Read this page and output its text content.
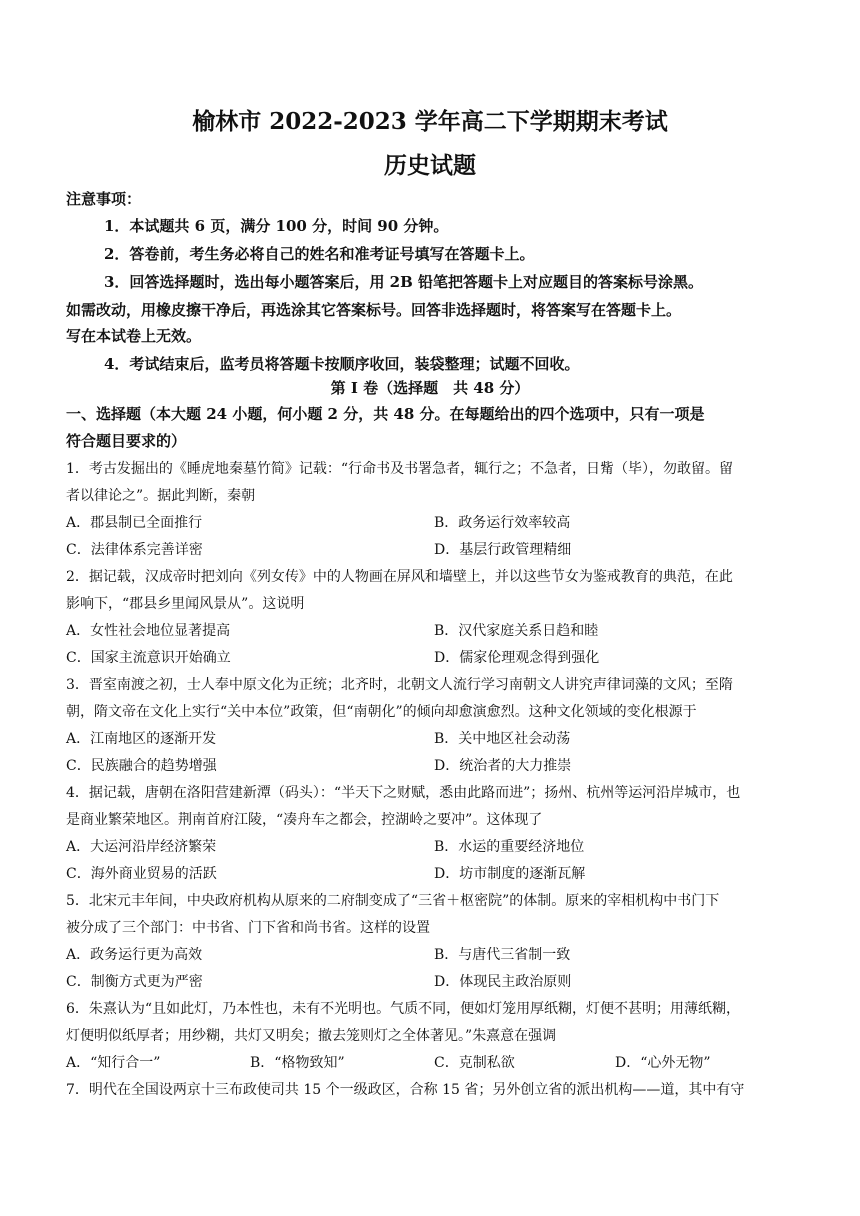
榆林市 2022-2023 学年高二下学期期末考试
历史试题
注意事项：
1．本试题共 6 页，满分 100 分，时间 90 分钟。
2．答卷前，考生务必将自己的姓名和准考证号填写在答题卡上。
3．回答选择题时，选出每小题答案后，用 2B 铅笔把答题卡上对应题目的答案标号涂黑。
如需改动，用橡皮擦干净后，再选涂其它答案标号。回答非选择题时，将答案写在答题卡上。
写在本试卷上无效。
4．考试结束后，监考员将答题卡按顺序收回，装袋整理；试题不回收。
第 I 卷（选择题　共 48 分）
一、选择题（本大题 24 小题，何小题 2 分，共 48 分。在每题给出的四个选项中，只有一项是
符合题目要求的）
1．考古发掘出的《睡虎地秦墓竹简》记载：“行命书及书署急者，辄行之；不急者，日觜（毕），勿敢留。留
者以律论之”。据此判断，秦朝
A．郡县制已全面推行	B．政务运行效率较高
C．法律体系完善详密	D．基层行政管理精细
2．据记载，汉成帝时把刘向《列女传》中的人物画在屏风和墙壁上，并以这些节女为鉴戒教育的典范，在此
影响下，“郡县乡里闻风景从”。这说明
A．女性社会地位显著提高	B．汉代家庭关系日趋和睦
C．国家主流意识开始确立	D．儒家伦理观念得到强化
3．晋室南渡之初，士人奉中原文化为正统；北齐时，北朝文人流行学习南朝文人讲究声律词藻的文风；至隋
朝，隋文帝在文化上实行“关中本位”政策，但“南朝化”的倾向却愈演愈烈。这种文化领域的变化根源于
A．江南地区的逐渐开发	B．关中地区社会动荡
C．民族融合的趋势增强	D．统治者的大力推崇
4．据记载，唐朝在洛阳营建新潭（码头）：“半天下之财赋，悉由此路而进”；扬州、杭州等运河沿岸城市，也
是商业繁荣地区。荆南首府江陵，“凑舟车之都会，控湖岭之要冲”。这体现了
A．大运河沿岸经济繁荣	B．水运的重要经济地位
C．海外商业贸易的活跃	D．坊市制度的逐渐瓦解
5．北宋元丰年间，中央政府机构从原来的二府制变成了“三省＋枢密院”的体制。原来的宰相机构中书门下
被分成了三个部门：中书省、门下省和尚书省。这样的设置
A．政务运行更为高效	B．与唐代三省制一致
C．制衡方式更为严密	D．体现民主政治原则
6．朱熹认为“且如此灯，乃本性也，未有不光明也。气质不同，便如灯笼用厚纸糊，灯便不甚明；用薄纸糊，
灯便明似纸厚者；用纱糊，共灯又明矣；撤去笼则灯之全体著见。”朱熹意在强调
A．“知行合一”	B．“格物致知”	C．克制私欲	D．“心外无物”
7．明代在全国设两京十三布政使司共 15 个一级政区，合称 15 省；另外创立省的派出机构——道，其中有守
